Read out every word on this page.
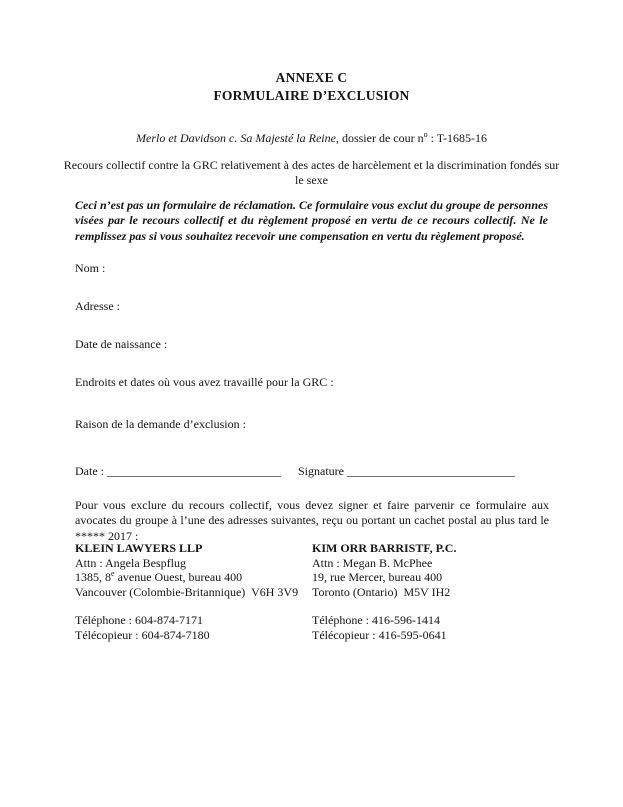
ANNEXE C
FORMULAIRE D’EXCLUSION
Merlo et Davidson c. Sa Majesté la Reine, dossier de cour $n^o$ : T-1685-16
Recours collectif contre la GRC relativement à des actes de harcèlement et la discrimination fondés sur le sexe
Ceci n’est pas un formulaire de réclamation. Ce formulaire vous exclut du groupe de personnes visées par le recours collectif et du règlement proposé en vertu de ce recours collectif. Ne le remplissez pas si vous souhaitez recevoir une compensation en vertu du règlement proposé.
Nom :
Adresse :
Date de naissance :
Endroits et dates où vous avez travaillé pour la GRC :
Raison de la demande d’exclusion :
Date : _____________________________ Signature ____________________________
Pour vous exclure du recours collectif, vous devez signer et faire parvenir ce formulaire aux avocates du groupe à l’une des adresses suivantes, reçu ou portant un cachet postal au plus tard le ***** 2017 :
KLEIN LAWYERS LLP
Attn : Angela Bespflug
1385, 8e avenue Ouest, bureau 400
Vancouver (Colombie-Britannique)  V6H 3V9
Téléphone : 604-874-7171
Télécopieur : 604-874-7180
KIM ORR BARRISTF, P.C.
Attn : Megan B. McPhee
19, rue Mercer, bureau 400
Toronto (Ontario)  M5V IH2
Téléphone : 416-596-1414
Télécopieur : 416-595-0641
